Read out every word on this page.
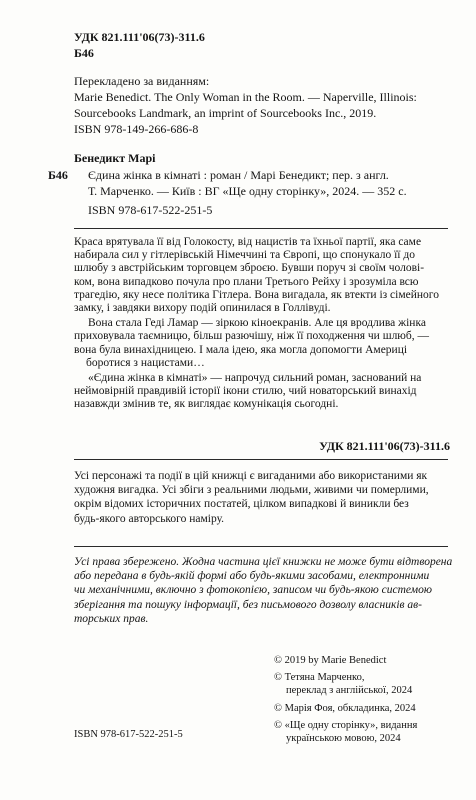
УДК 821.111'06(73)-311.6
Б46
Перекладено за виданням:
Marie Benedict. The Only Woman in the Room. — Naperville, Illinois:
Sourcebooks Landmark, an imprint of Sourcebooks Inc., 2019.
ISBN 978-149-266-686-8
Бенедикт Марі
Б46 Єдина жінка в кімнаті : роман / Марі Бенедикт; пер. з англ.
Т. Марченко. — Київ : ВГ «Ще одну сторінку», 2024. — 352 с.
ISBN 978-617-522-251-5
Краса врятувала її від Голокосту, від нацистів та їхньої партії, яка саме
набирала сил у гітлерівській Німеччині та Європі, що спонукало її до
шлюбу з австрійським торговцем зброєю. Бувши поруч зі своїм чолові-
ком, вона випадково почула про плани Третього Рейху і зрозуміла всю
трагедію, яку несе політика Гітлера. Вона вигадала, як втекти із сімейного
замку, і завдяки вихору подій опинилася в Голлівуді.
Вона стала Геді Ламар — зіркою кіноекранів. Але ця вродлива жінка
приховувала таємницю, більш разючішу, ніж її походження чи шлюб, —
вона була винахідницею. І мала ідею, яка могла допомогти Америці
боротися з нацистами…
«Єдина жінка в кімнаті» — напрочуд сильний роман, заснований на
неймовірній правдивій історії ікони стилю, чий новаторський винахід
назавжди змінив те, як виглядає комунікація сьогодні.
УДК 821.111'06(73)-311.6
Усі персонажі та події в цій книжці є вигаданими або використаними як
художня вигадка. Усі збіги з реальними людьми, живими чи померлими,
окрім відомих історичних постатей, цілком випадкові й виникли без
будь-якого авторського наміру.
Усі права збережено. Жодна частина цієї книжки не може бути відтворена
або передана в будь-якій формі або будь-якими засобами, електронними
чи механічними, включно з фотокопією, записом чи будь-якою системою
зберігання та пошуку інформації, без письмового дозволу власників ав-
торських прав.
© 2019 by Marie Benedict
© Тетяна Марченко,
переклад з англійської, 2024
© Марія Фоя, обкладинка, 2024
© «Ще одну сторінку», видання
українською мовою, 2024
ISBN 978-617-522-251-5
